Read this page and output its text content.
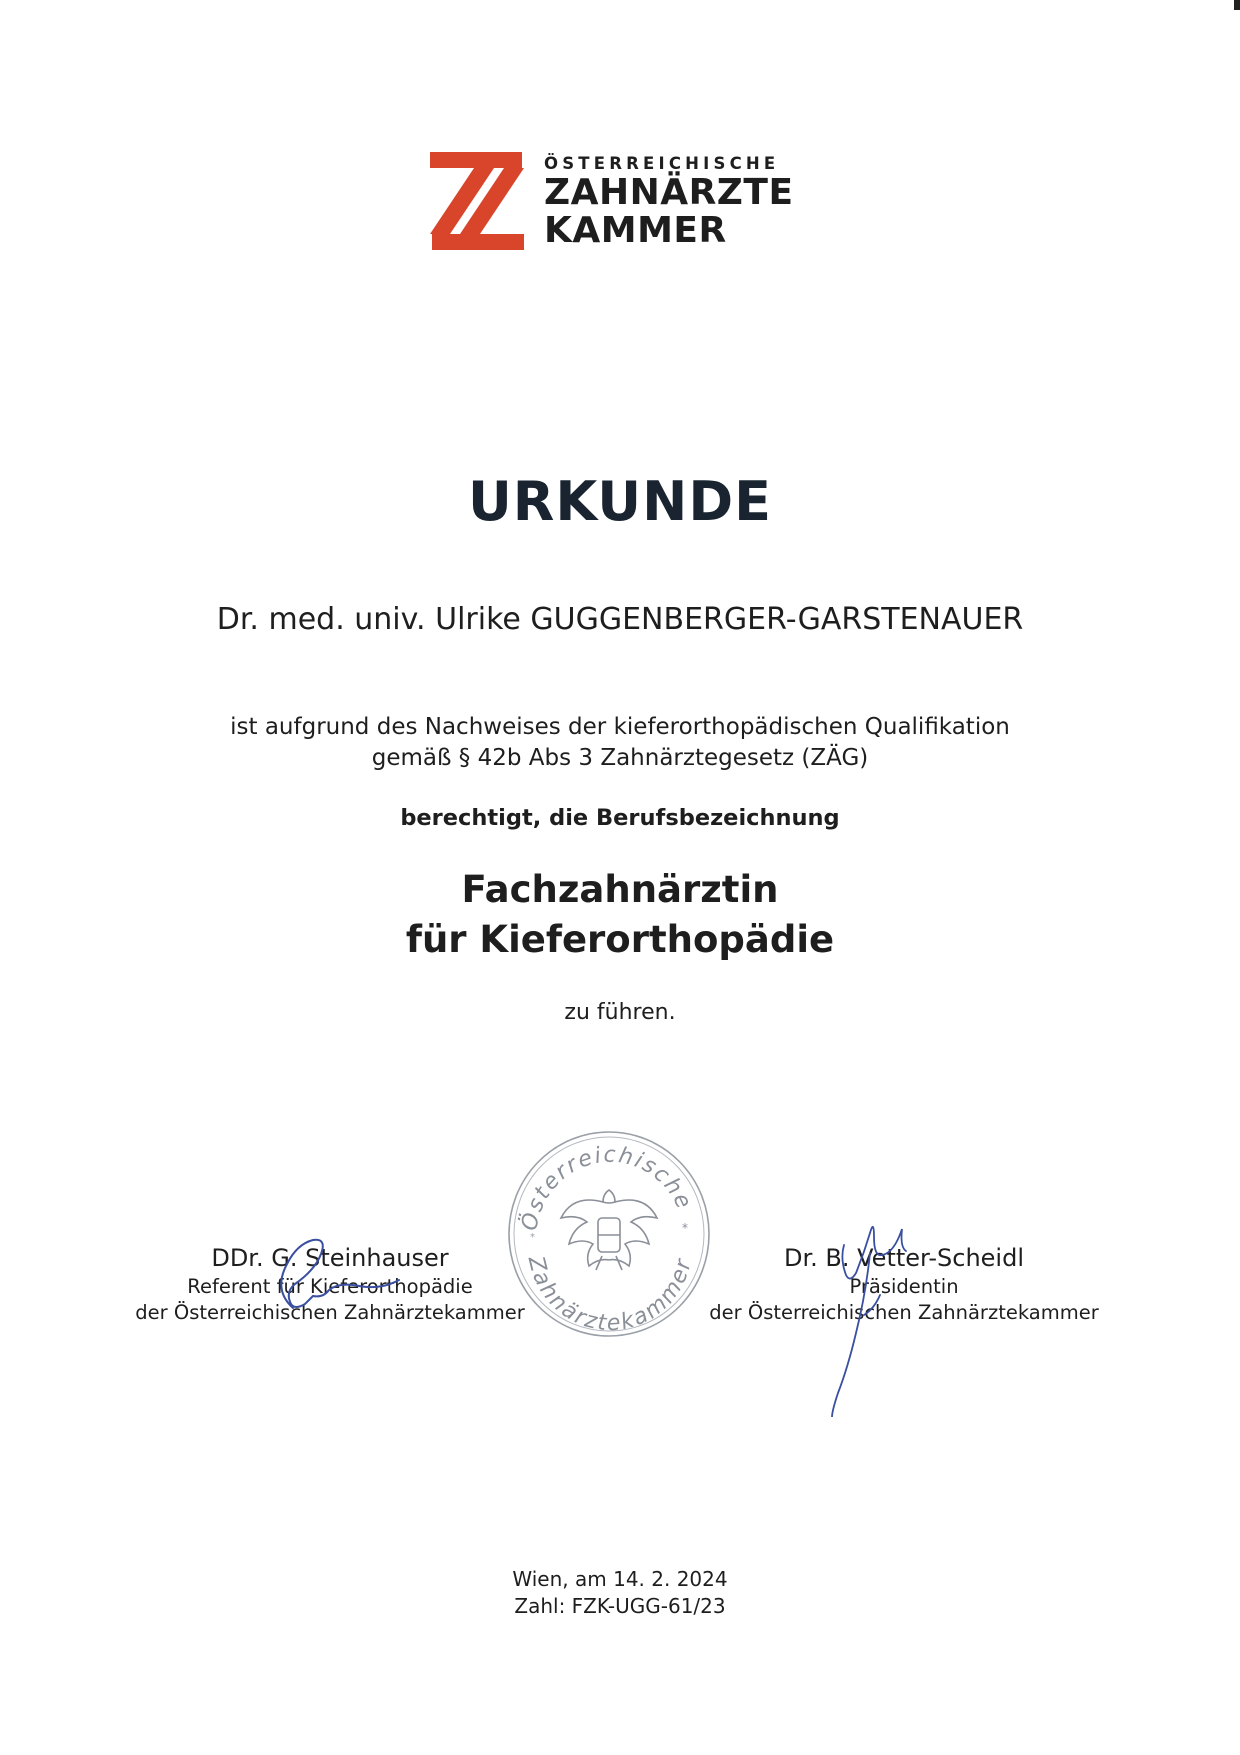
ÖSTERREICHISCHE
ZAHNÄRZTE
KAMMER
URKUNDE
Dr. med. univ. Ulrike GUGGENBERGER-GARSTENAUER
ist aufgrund des Nachweises der kieferorthopädischen Qualifikation
gemäß § 42b Abs 3 Zahnärztegesetz (ZÄG)
berechtigt, die Berufsbezeichnung
Fachzahnärztin
für Kieferorthopädie
zu führen.
Österreichische
Zahnärztekammer
*
*
DDr. G. Steinhauser
Referent für Kieferorthopädie
der Österreichischen Zahnärztekammer
Dr. B. Vetter-Scheidl
Präsidentin
der Österreichischen Zahnärztekammer
Wien, am 14. 2. 2024
Zahl: FZK-UGG-61/23
